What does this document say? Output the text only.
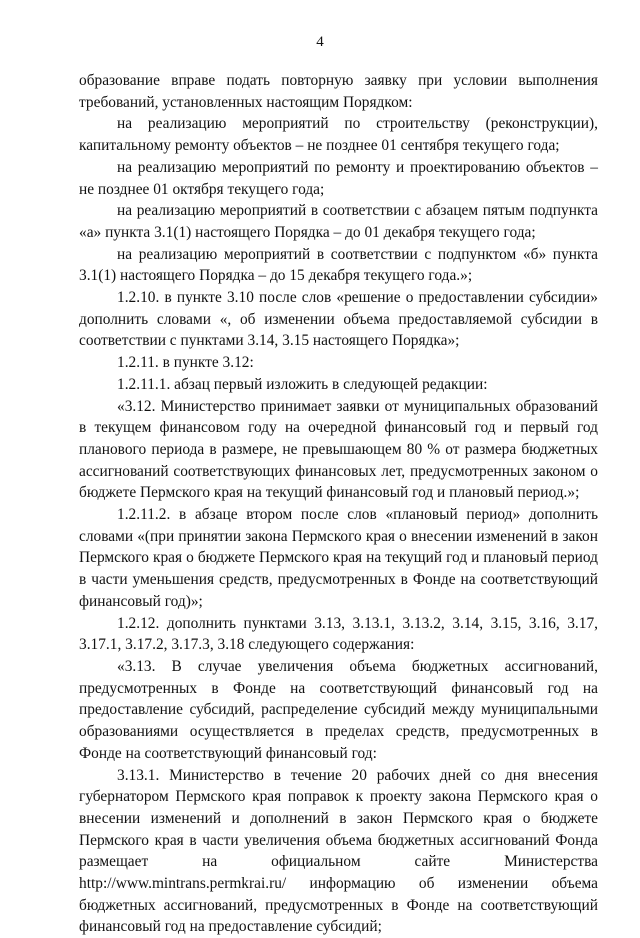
4

образование вправе подать повторную заявку при условии выполнения требований, установленных настоящим Порядком:

на реализацию мероприятий по строительству (реконструкции), капитальному ремонту объектов – не позднее 01 сентября текущего года;

на реализацию мероприятий по ремонту и проектированию объектов – не позднее 01 октября текущего года;

на реализацию мероприятий в соответствии с абзацем пятым подпункта «а» пункта 3.1(1) настоящего Порядка – до 01 декабря текущего года;

на реализацию мероприятий в соответствии с подпунктом «б» пункта 3.1(1) настоящего Порядка – до 15 декабря текущего года.»;

1.2.10. в пункте 3.10 после слов «решение о предоставлении субсидии» дополнить словами «, об изменении объема предоставляемой субсидии в соответствии с пунктами 3.14, 3.15 настоящего Порядка»;

1.2.11. в пункте 3.12:

1.2.11.1. абзац первый изложить в следующей редакции:

«3.12. Министерство принимает заявки от муниципальных образований в текущем финансовом году на очередной финансовый год и первый год планового периода в размере, не превышающем 80 % от размера бюджетных ассигнований соответствующих финансовых лет, предусмотренных законом о бюджете Пермского края на текущий финансовый год и плановый период.»;

1.2.11.2. в абзаце втором после слов «плановый период» дополнить словами «(при принятии закона Пермского края о внесении изменений в закон Пермского края о бюджете Пермского края на текущий год и плановый период в части уменьшения средств, предусмотренных в Фонде на соответствующий финансовый год)»;

1.2.12. дополнить пунктами 3.13, 3.13.1, 3.13.2, 3.14, 3.15, 3.16, 3.17, 3.17.1, 3.17.2, 3.17.3, 3.18 следующего содержания:

«3.13. В случае увеличения объема бюджетных ассигнований, предусмотренных в Фонде на соответствующий финансовый год на предоставление субсидий, распределение субсидий между муниципальными образованиями осуществляется в пределах средств, предусмотренных в Фонде на соответствующий финансовый год:

3.13.1. Министерство в течение 20 рабочих дней со дня внесения губернатором Пермского края поправок к проекту закона Пермского края о внесении изменений и дополнений в закон Пермского края о бюджете Пермского края в части увеличения объема бюджетных ассигнований Фонда размещает на официальном сайте Министерства http://www.mintrans.permkrai.ru/ информацию об изменении объема бюджетных ассигнований, предусмотренных в Фонде на соответствующий финансовый год на предоставление субсидий;
